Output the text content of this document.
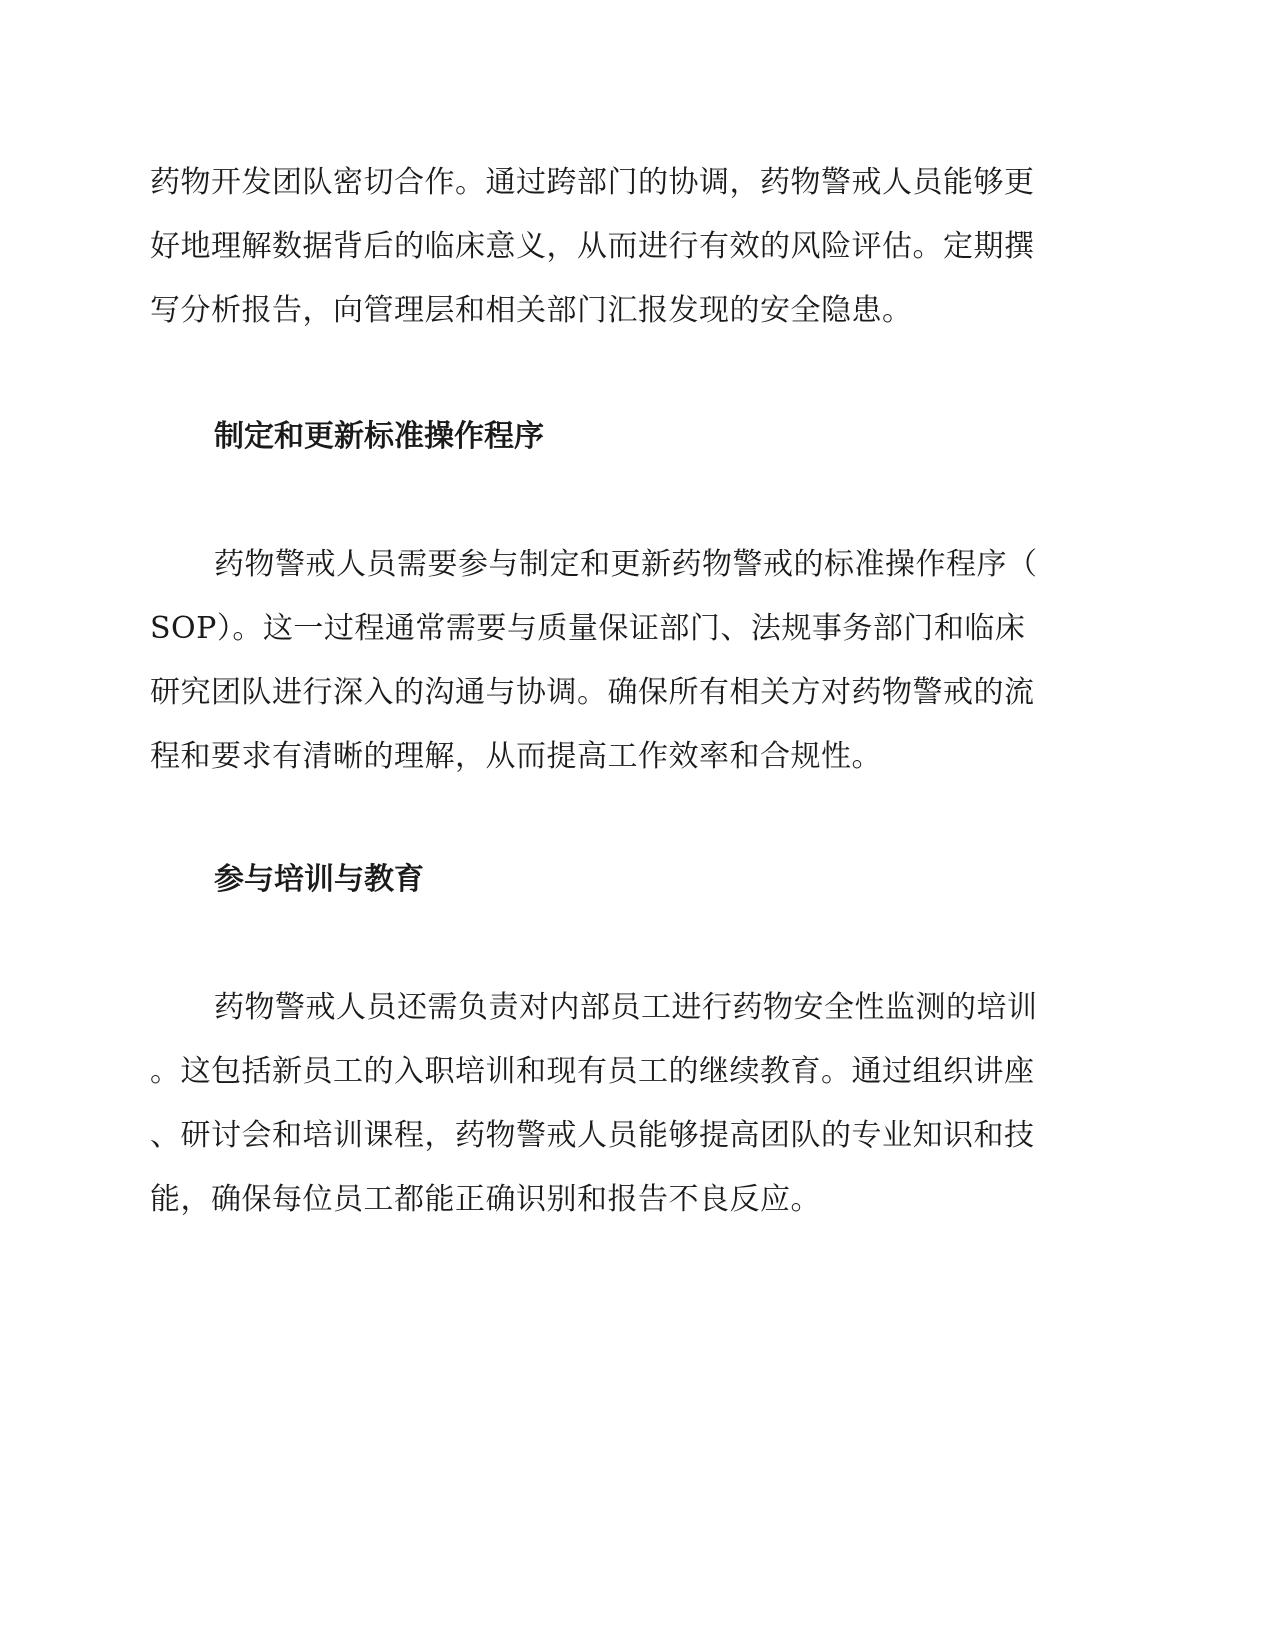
药物开发团队密切合作。通过跨部门的协调，药物警戒人员能够更
好地理解数据背后的临床意义，从而进行有效的风险评估。定期撰
写分析报告，向管理层和相关部门汇报发现的安全隐患。
制定和更新标准操作程序
药物警戒人员需要参与制定和更新药物警戒的标准操作程序（
SOP）。这一过程通常需要与质量保证部门、法规事务部门和临床
研究团队进行深入的沟通与协调。确保所有相关方对药物警戒的流
程和要求有清晰的理解，从而提高工作效率和合规性。
参与培训与教育
药物警戒人员还需负责对内部员工进行药物安全性监测的培训
。这包括新员工的入职培训和现有员工的继续教育。通过组织讲座
、研讨会和培训课程，药物警戒人员能够提高团队的专业知识和技
能，确保每位员工都能正确识别和报告不良反应。
